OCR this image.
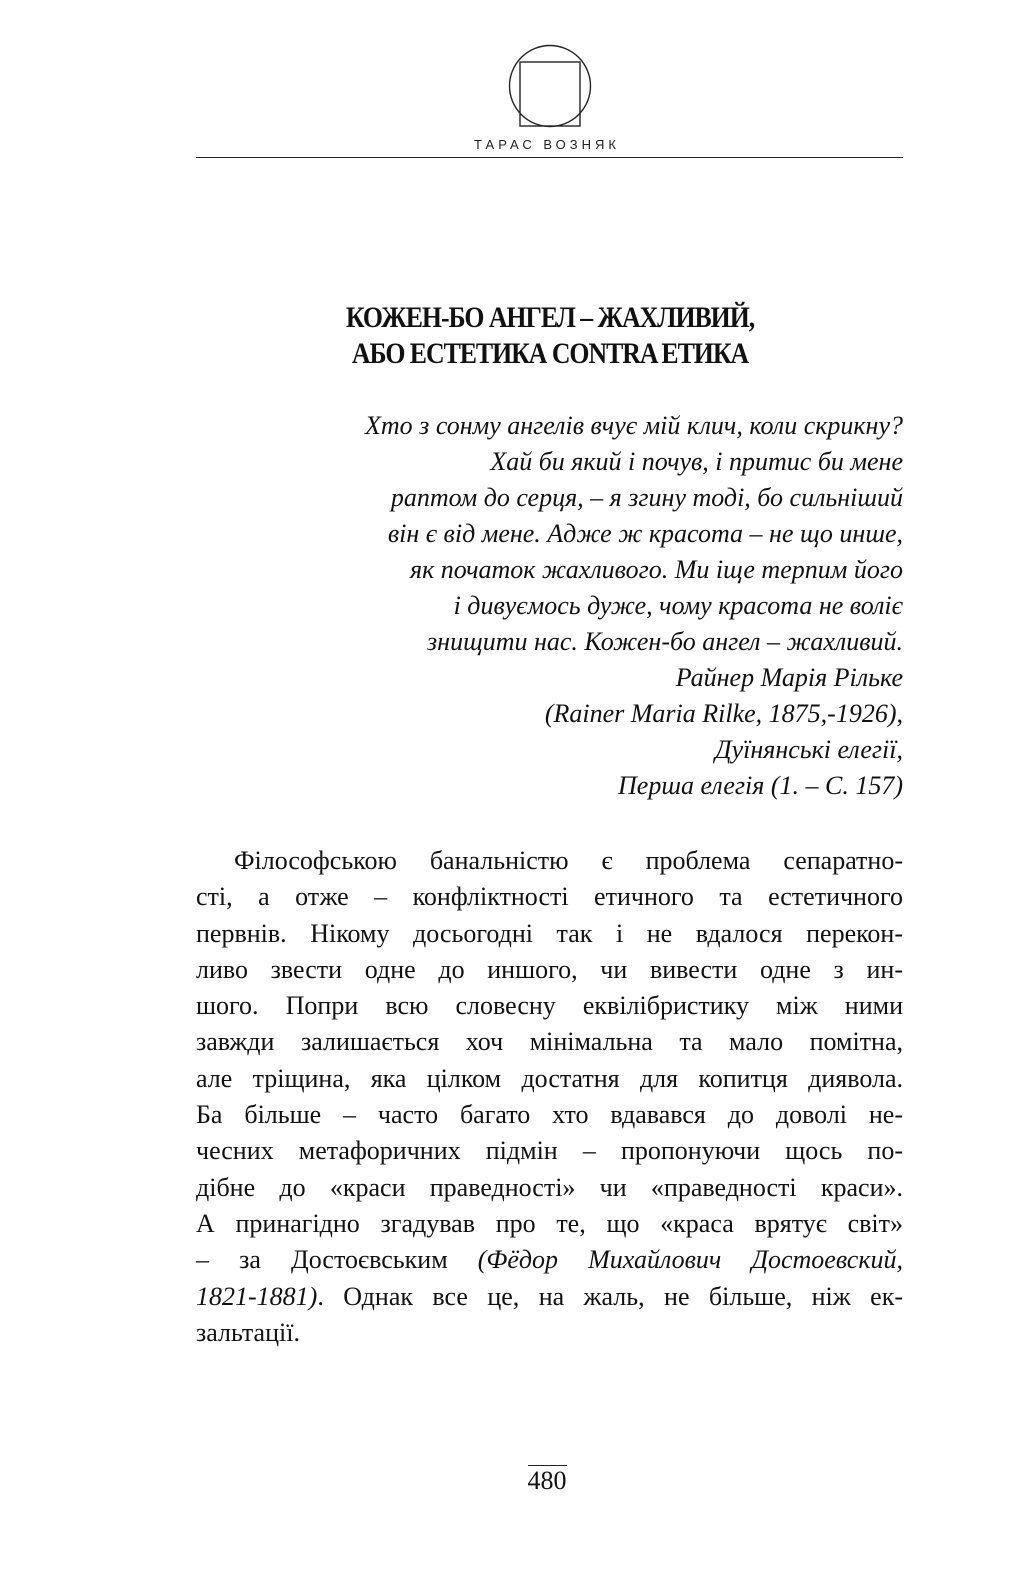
ТАРАС ВОЗНЯК
КОЖЕН-БО АНГЕЛ – ЖАХЛИВИЙ,
АБО ЕСТЕТИКА CONTRA ЕТИКА
Хто з сонму ангелів вчує мій клич, коли скрикну?
Хай би який і почув, і притис би мене
раптом до серця, – я згину тоді, бо сильніший
він є від мене. Адже ж красота – не що инше,
як початок жахливого. Ми іще терпим його
і дивуємось дуже, чому красота не воліє
знищити нас. Кожен-бо ангел – жахливий.
Райнер Марія Рільке
(Rainer Maria Rilke, 1875,-1926),
Дуїнянські елегії,
Перша елегія (1. – С. 157)
Філософською банальністю є проблема сепаратно-
сті, а отже – конфліктності етичного та естетичного
первнів. Нікому досьогодні так і не вдалося перекон-
ливо звести одне до иншого, чи вивести одне з ин-
шого. Попри всю словесну еквілібристику між ними
завжди залишається хоч мінімальна та мало помітна,
але тріщина, яка цілком достатня для копитця диявола.
Ба більше – часто багато хто вдавався до доволі не-
чесних метафоричних підмін – пропонуючи щось по-
дібне до «краси праведності» чи «праведності краси».
А принагідно згадував про те, що «краса врятує світ»
– за Достоєвським (Фёдор Михайлович Достоевский,
1821-1881). Однак все це, на жаль, не більше, ніж ек-
зальтації.
480
